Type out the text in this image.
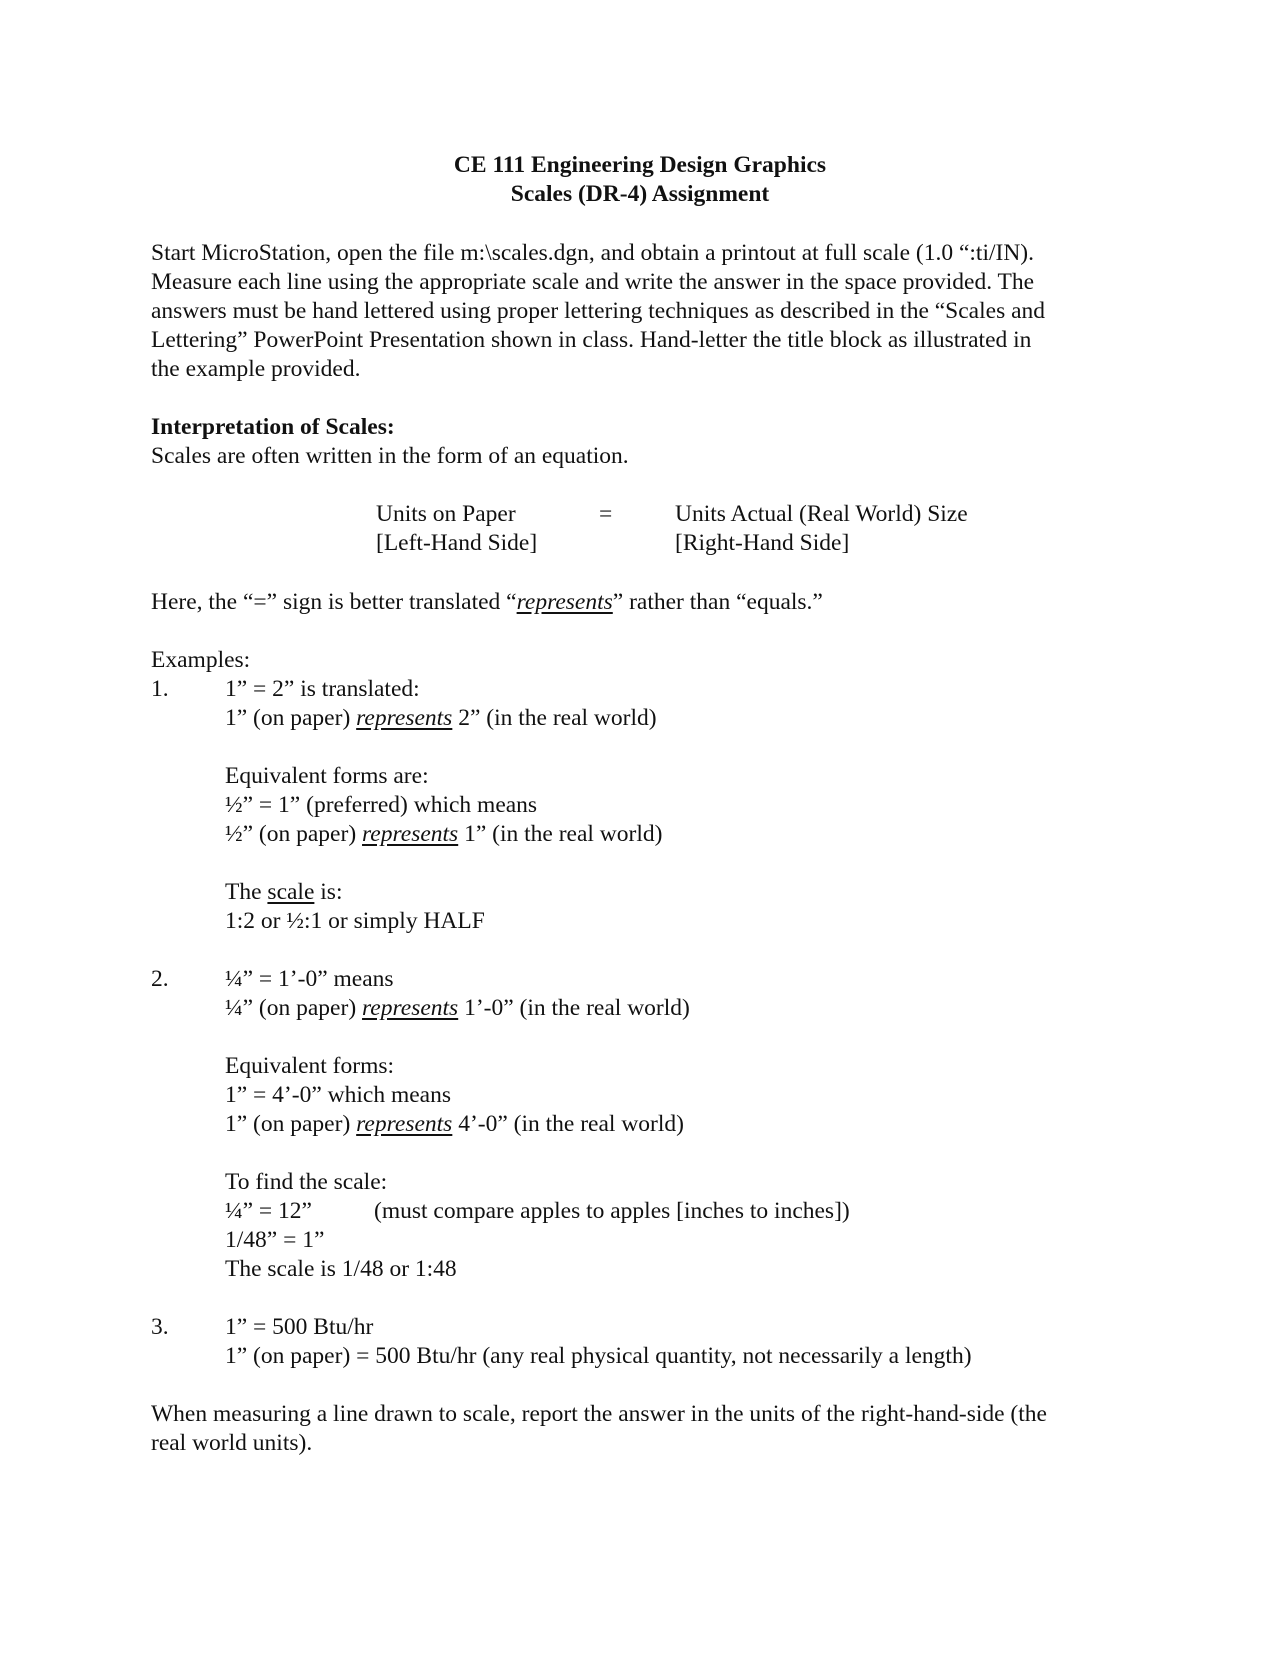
CE 111 Engineering Design Graphics
Scales (DR-4) Assignment
Start MicroStation, open the file m:\scales.dgn, and obtain a printout at full scale (1.0 “:ti/IN).
Measure each line using the appropriate scale and write the answer in the space provided. The
answers must be hand lettered using proper lettering techniques as described in the “Scales and
Lettering” PowerPoint Presentation shown in class. Hand-letter the title block as illustrated in
the example provided.
Interpretation of Scales:
Scales are often written in the form of an equation.
Units on Paper
[Left-Hand Side]
=	Units Actual (Real World) Size
[Right-Hand Side]
Here, the “=” sign is better translated “represents” rather than “equals.”
Examples:
1. 1” = 2” is translated:
1” (on paper) represents 2” (in the real world)
Equivalent forms are:
½” = 1” (preferred) which means
½” (on paper) represents 1” (in the real world)
The scale is:
1:2 or ½:1 or simply HALF
2. ¼” = 1’-0” means
¼” (on paper) represents 1’-0” (in the real world)
Equivalent forms:
1” = 4’-0” which means
1” (on paper) represents 4’-0” (in the real world)
To find the scale:
¼” = 12”	(must compare apples to apples [inches to inches])
1/48” = 1”
The scale is 1/48 or 1:48
3. 1” = 500 Btu/hr
1” (on paper) = 500 Btu/hr (any real physical quantity, not necessarily a length)
When measuring a line drawn to scale, report the answer in the units of the right-hand-side (the
real world units).
